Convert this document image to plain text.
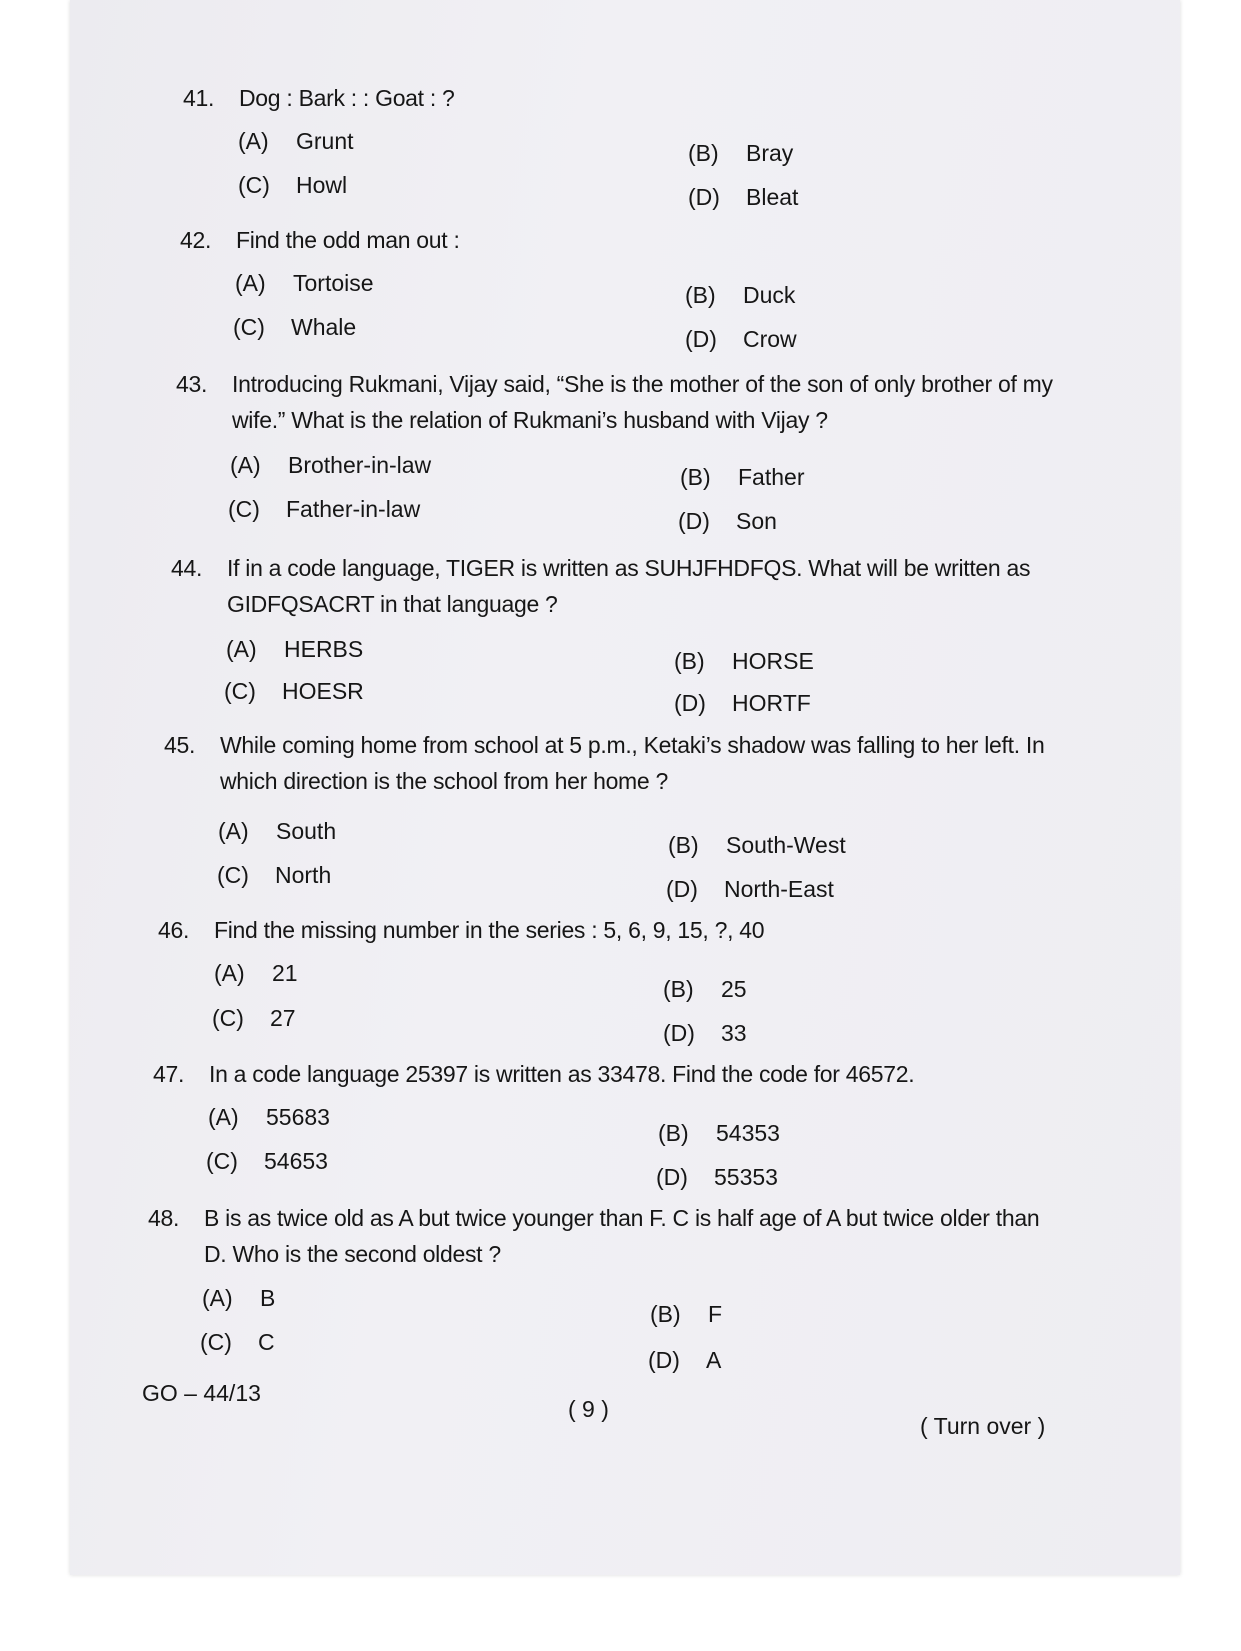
41. Dog : Bark : : Goat : ?
(A) Grunt	(B) Bray
(C) Howl	(D) Bleat
42. Find the odd man out :
(A) Tortoise	(B) Duck
(C) Whale	(D) Crow
43. Introducing Rukmani, Vijay said, “She is the mother of the son of only brother of my wife.” What is the relation of Rukmani’s husband with Vijay ?
(A) Brother-in-law	(B) Father
(C) Father-in-law	(D) Son
44. If in a code language, TIGER is written as SUHJFHDFQS. What will be written as GIDFQSACRT in that language ?
(A) HERBS	(B) HORSE
(C) HOESR	(D) HORTF
45. While coming home from school at 5 p.m., Ketaki’s shadow was falling to her left. In which direction is the school from her home ?
(A) South
(B) South-West
(C) North
(D) North-East
46. Find the missing number in the series : 5, 6, 9, 15, ?, 40
(A) 21
(B) 25
(C) 27
(D) 33
47. In a code language 25397 is written as 33478. Find the code for 46572.
(A) 55683
(B) 54353
(C) 54653
(D) 55353
48. B is as twice old as A but twice younger than F. C is half age of A but twice older than D. Who is the second oldest ?
(A) B
(B) F
(C) C
(D) A
GO – 44/13
( 9 )
( Turn over )
